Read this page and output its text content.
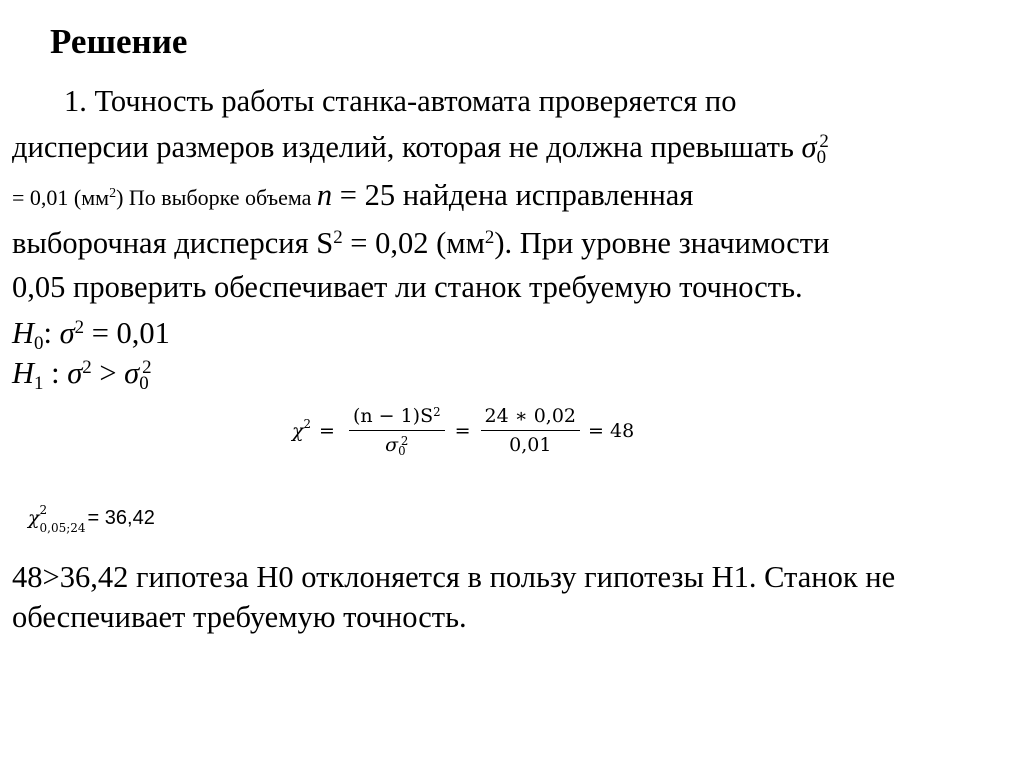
Решение
1. Точность работы станка-автомата проверяется по
дисперсии размеров изделий, которая не должна превышать $\sigma_0^2$
= 0,01 $(мм^2)$ По выборке объема n = 25 найдена исправленная
выборочная дисперсия $S^2 = 0,02$ $(мм^2)$. При уровне значимости
0,05 проверить обеспечивает ли станок требуемую точность.
$H_0$: $\sigma^2 = 0,01$
$H_1$ : $\sigma^2 > \sigma_0^2$
$\chi^2 = \frac{(n - 1)S^2}{\sigma_0^2} = \frac{24 ∗ 0,02}{0,01} = 48$
χ 2
0,05;24 = 36,42
48>36,42 гипотеза Н0 отклоняется в пользу гипотезы Н1. Станок не
обеспечивает требуемую точность.
